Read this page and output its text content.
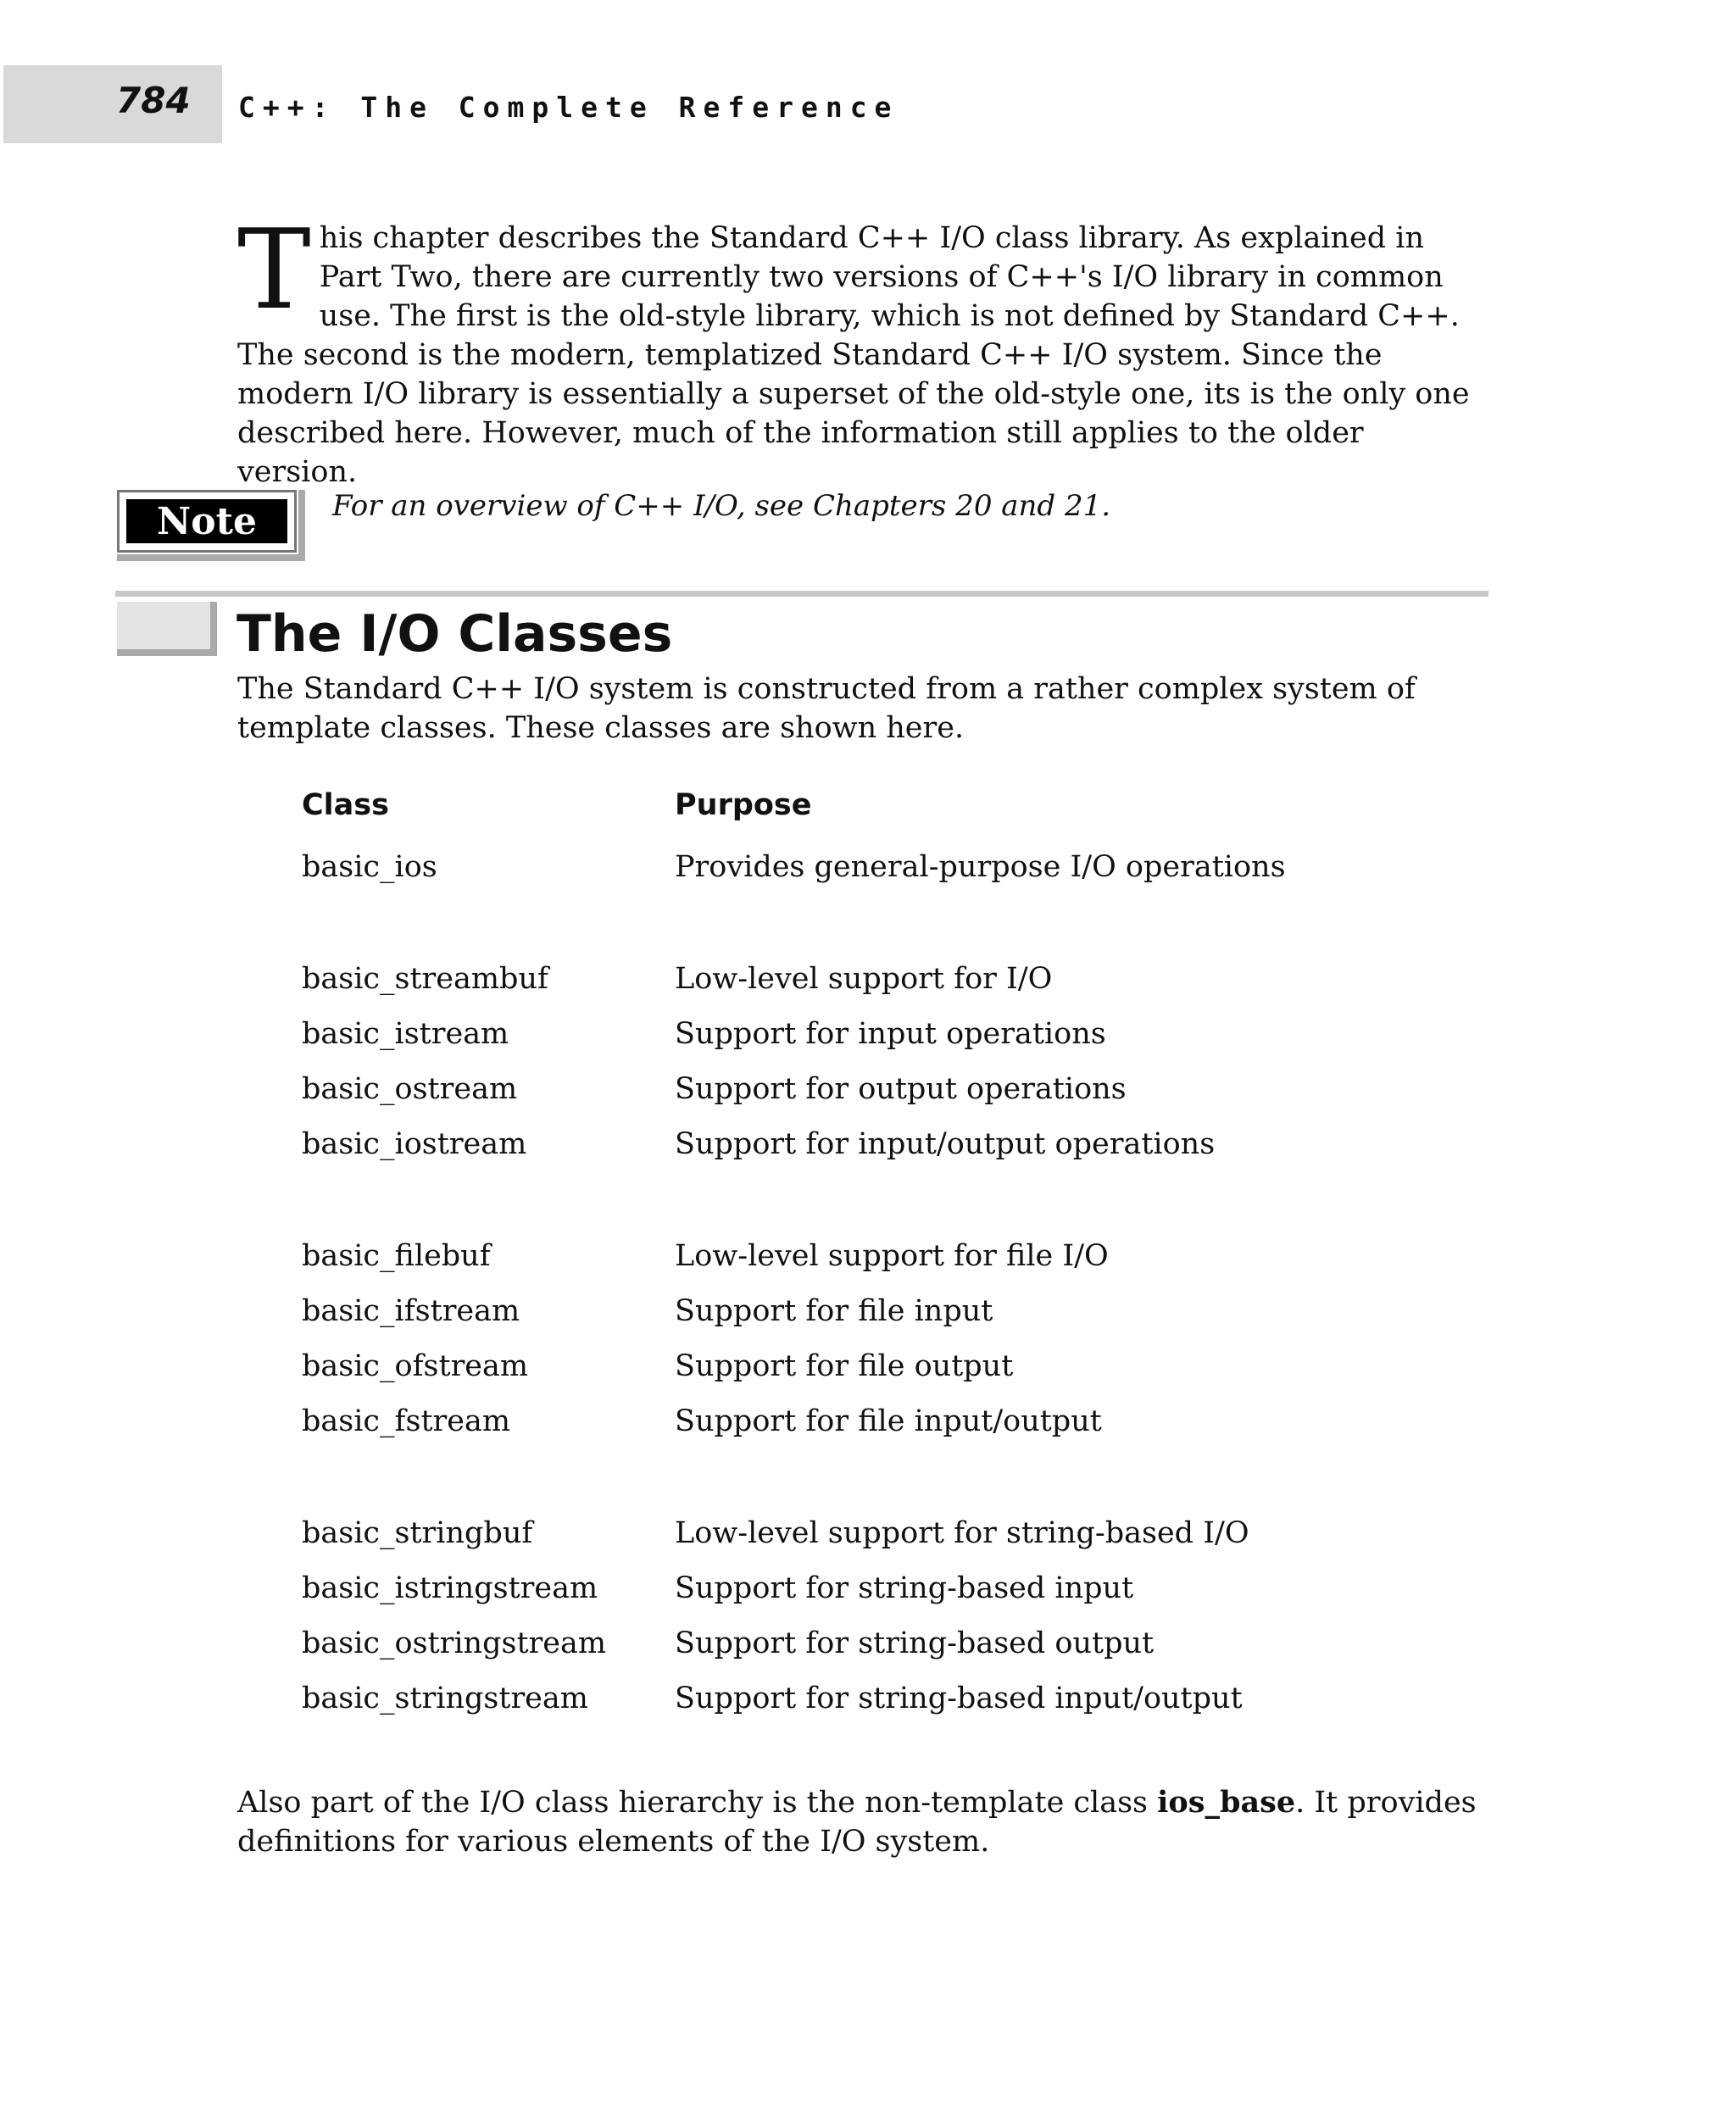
784 C++: The Complete Reference

This chapter describes the Standard C++ I/O class library. As explained in Part Two, there are currently two versions of C++'s I/O library in common use. The first is the old-style library, which is not defined by Standard C++. The second is the modern, templatized Standard C++ I/O system. Since the modern I/O library is essentially a superset of the old-style one, its is the only one described here. However, much of the information still applies to the older version.

Note	For an overview of C++ I/O, see Chapters 20 and 21.

The I/O Classes

The Standard C++ I/O system is constructed from a rather complex system of template classes. These classes are shown here.

Class	Purpose
basic_ios	Provides general-purpose I/O operations

basic_streambuf	Low-level support for I/O
basic_istream	Support for input operations
basic_ostream	Support for output operations
basic_iostream	Support for input/output operations

basic_filebuf	Low-level support for file I/O
basic_ifstream	Support for file input
basic_ofstream	Support for file output
basic_fstream	Support for file input/output

basic_stringbuf	Low-level support for string-based I/O
basic_istringstream	Support for string-based input
basic_ostringstream	Support for string-based output
basic_stringstream	Support for string-based input/output

Also part of the I/O class hierarchy is the non-template class ios_base. It provides definitions for various elements of the I/O system.
